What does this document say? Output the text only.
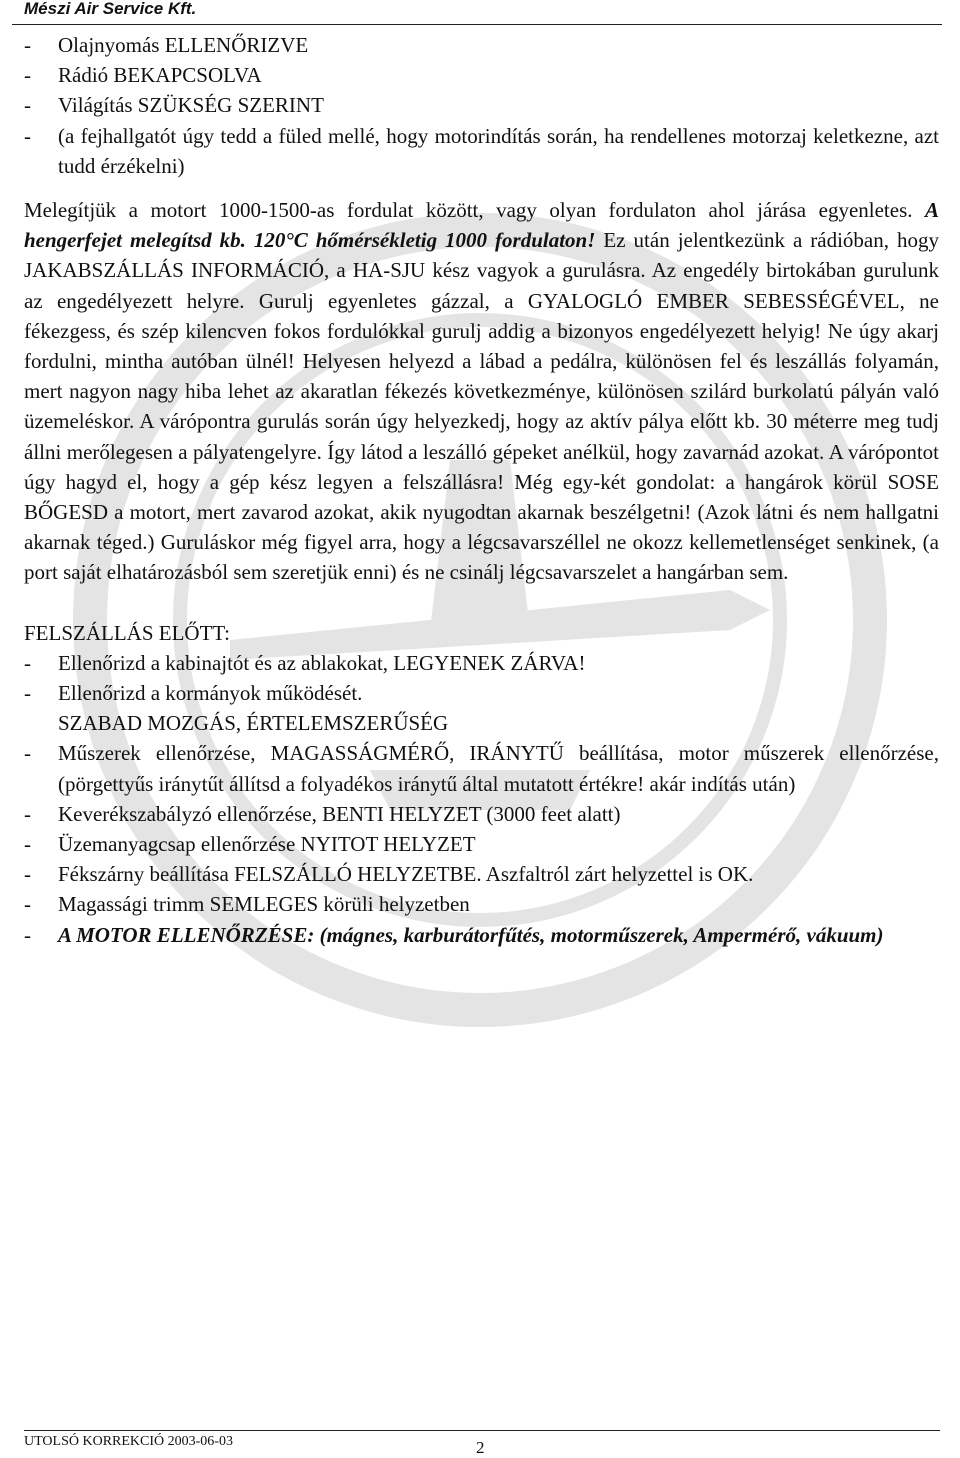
Mészi Air Service Kft.
-	Olajnyomás ELLENŐRIZVE
-	Rádió BEKAPCSOLVA
-	Világítás SZÜKSÉG SZERINT
-	(a fejhallgatót úgy tedd a füled mellé, hogy motorindítás során, ha rendellenes motorzaj keletkezne, azt tudd érzékelni)
Melegítjük a motort 1000-1500-as fordulat között, vagy olyan fordulaton ahol járása egyenletes. A hengerfejet melegítsd kb. 120°C hőmérsékletig 1000 fordulaton! Ez után jelentkezünk a rádióban, hogy JAKABSZÁLLÁS INFORMÁCIÓ, a HA-SJU kész vagyok a gurulásra. Az engedély birtokában gurulunk az engedélyezett helyre. Gurulj egyenletes gázzal, a GYALOGLÓ EMBER SEBESSÉGÉVEL, ne fékezgess, és szép kilencven fokos fordulókkal gurulj addig a bizonyos engedélyezett helyig! Ne úgy akarj fordulni, mintha autóban ülnél! Helyesen helyezd a lábad a pedálra, különösen fel és leszállás folyamán, mert nagyon nagy hiba lehet az akaratlan fékezés következménye, különösen szilárd burkolatú pályán való üzemeléskor. A várópontra gurulás során úgy helyezkedj, hogy az aktív pálya előtt kb. 30 méterre meg tudj állni merőlegesen a pályatengelyre. Így látod a leszálló gépeket anélkül, hogy zavarnád azokat. A várópontot úgy hagyd el, hogy a gép kész legyen a felszállásra! Még egy-két gondolat: a hangárok körül SOSE BŐGESD a motort, mert zavarod azokat, akik nyugodtan akarnak beszélgetni! (Azok látni és nem hallgatni akarnak téged.) Guruláskor még figyel arra, hogy a légcsavarszéllel ne okozz kellemetlenséget senkinek, (a port saját elhatározásból sem szeretjük enni) és ne csinálj légcsavarszelet a hangárban sem.
FELSZÁLLÁS ELŐTT:
-	Ellenőrizd a kabinajtót és az ablakokat, LEGYENEK ZÁRVA!
-	Ellenőrizd a kormányok működését.
SZABAD MOZGÁS, ÉRTELEMSZERŰSÉG
-	Műszerek ellenőrzése, MAGASSÁGMÉRŐ, IRÁNYTŰ beállítása, motor műszerek ellenőrzése, (pörgettyűs iránytűt állítsd a folyadékos iránytű által mutatott értékre! akár indítás után)
-	Keverékszabályzó ellenőrzése, BENTI HELYZET (3000 feet alatt)
-	Üzemanyagcsap ellenőrzése NYITOT HELYZET
-	Fékszárny beállítása FELSZÁLLÓ HELYZETBE. Aszfaltról zárt helyzettel is OK.
-	Magassági trimm SEMLEGES körüli helyzetben
-	A MOTOR ELLENŐRZÉSE: (mágnes, karburátorfűtés, motorműszerek, Ampermérő, vákuum)
UTOLSÓ KORREKCIÓ 2003-06-03	2
